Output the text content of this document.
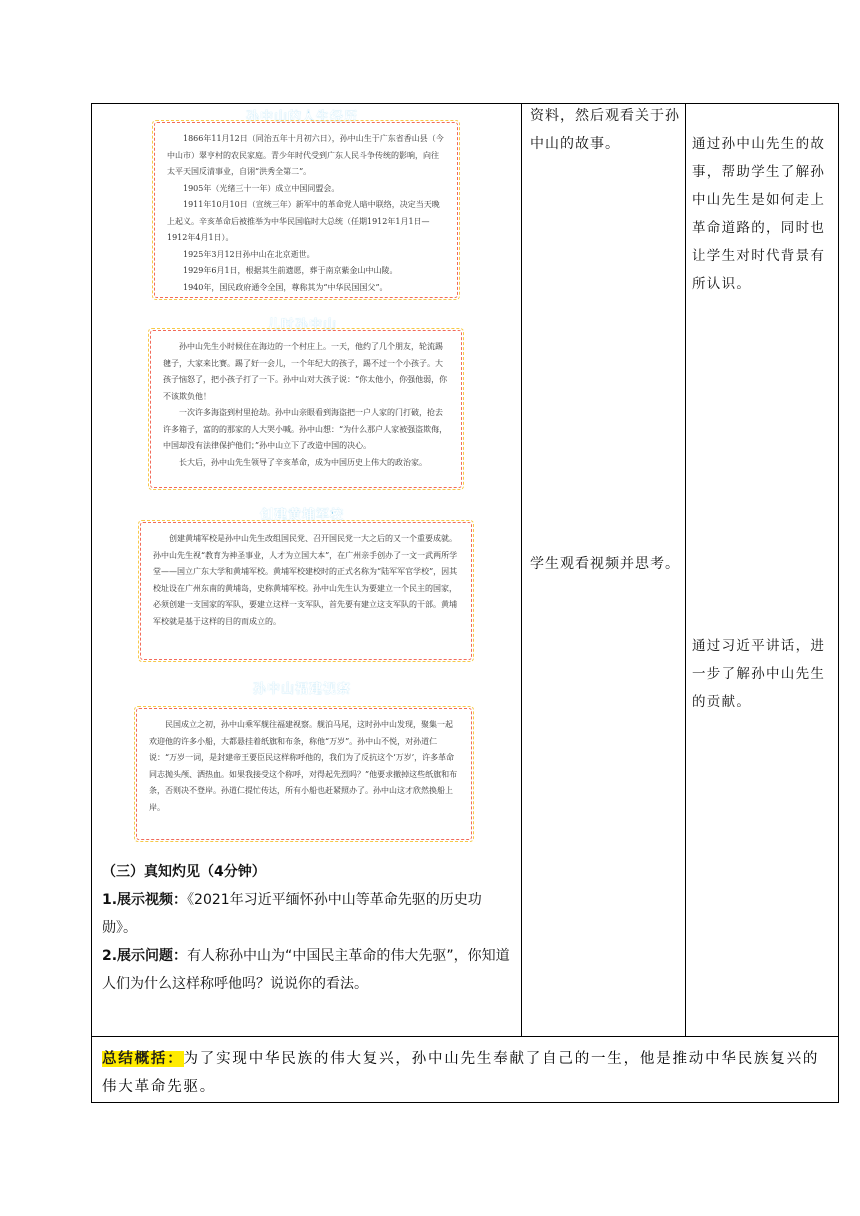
孙中山的人生经历

1866年11月12日（同治五年十月初六日），孙中山生于广东省香山县（今中山市）翠亨村的农民家庭。青少年时代受到广东人民斗争传统的影响，向往太平天国反清事业，自诩“洪秀全第二”。

1905年（光绪三十一年）成立中国同盟会。

1911年10月10日（宣统三年）新军中的革命党人暗中联络，决定当天晚上起义。辛亥革命后被推举为中华民国临时大总统（任期1912年1月1日—1912年4月1日）。

1925年3月12日孙中山在北京逝世。

1929年6月1日，根据其生前遗愿，葬于南京紫金山中山陵。

1940年，国民政府通令全国，尊称其为“中华民国国父”。

儿时孙中山

孙中山先生小时候住在海边的一个村庄上。一天，他约了几个朋友，轮流踢毽子，大家来比赛。踢了好一会儿，一个年纪大的孩子，踢不过一个小孩子。大孩子恼怒了，把小孩子打了一下。孙中山对大孩子说：“你太他小，你强他弱，你不该欺负他！

一次许多海盗到村里抢劫。孙中山亲眼看到海盗把一户人家的门打破，抢去许多箱子，富的的那家的人大哭小喊。孙中山想：“为什么那户人家被强盗欺侮，中国却没有法律保护他们；”孙中山立下了改造中国的决心。

长大后，孙中山先生领导了辛亥革命，成为中国历史上伟大的政治家。

创建黄埔军校

创建黄埔军校是孙中山先生改组国民党、召开国民党一大之后的又一个重要成就。孙中山先生视“教育为神圣事业，人才为立国大本”，在广州亲手创办了一文一武两所学堂——国立广东大学和黄埔军校。黄埔军校建校时的正式名称为“陆军军官学校”，因其校址设在广州东南的黄埔岛，史称黄埔军校。孙中山先生认为要建立一个民主的国家，必须创建一支国家的军队，要建立这样一支军队，首先要有建立这支军队的干部。黄埔军校就是基于这样的目的而成立的。

孙中山福建视察

民国成立之初，孙中山乘军舰往福建视察。舰泊马尾，这时孙中山发现，聚集一起欢迎他的许多小船，大都悬挂着纸旗和布条，称他“万岁”。孙中山不悦，对孙道仁说：“万岁一词，是封建帝王要臣民这样称呼他的，我们为了反抗这个‘万岁’，许多革命同志抛头颅、洒热血。如果我接受这个称呼，对得起先烈吗？”他要求撤掉这些纸旗和布条，否则决不登岸。孙道仁提忙传达，所有小船也赶紧照办了。孙中山这才欣然换船上岸。

（三）真知灼见（4分钟）
1.展示视频：《2021年习近平缅怀孙中山等革命先驱的历史功勋》。
2.展示问题：有人称孙中山为“中国民主革命的伟大先驱”，你知道人们为什么这样称呼他吗？说说你的看法。
资料，然后观看关于孙中山的故事。
学生观看视频并思考。
通过孙中山先生的故事，帮助学生了解孙中山先生是如何走上革命道路的，同时也让学生对时代背景有所认识。
通过习近平讲话，进一步了解孙中山先生的贡献。
总结概括：为了实现中华民族的伟大复兴，孙中山先生奉献了自己的一生，他是推动中华民族复兴的伟大革命先驱。
